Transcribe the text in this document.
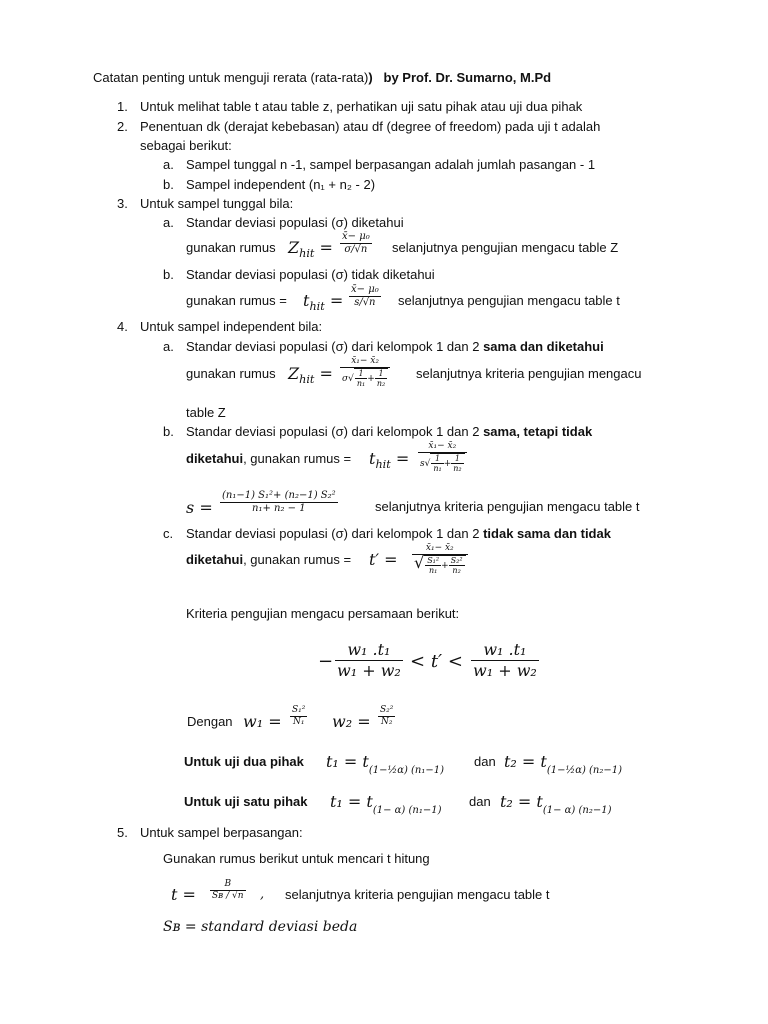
Catatan penting untuk menguji rerata (rata-rata))   by Prof. Dr. Sumarno, M.Pd
1. Untuk melihat table t atau table z, perhatikan uji satu pihak atau uji dua pihak
2. Penentuan dk (derajat kebebasan) atau df (degree of freedom) pada uji t adalah
sebagai berikut:
a. Sampel tunggal n -1, sampel berpasangan adalah jumlah pasangan - 1
b. Sampel independent (n₁ + n₂ - 2)
3. Untuk sampel tunggal bila:
a. Standar deviasi populasi (σ) diketahui
gunakan rumus $Z_{hit} = \frac{\text{x̄− μ₀}}{\sigma/√n}$ selanjutnya pengujian mengacu table Z
b. Standar deviasi populasi (σ) tidak diketahui
gunakan rumus = $t_{hit} = \frac{\text{x̄− μ₀}}{s/√n}$ selanjutnya pengujian mengacu table t
4. Untuk sampel independent bila:
a. Standar deviasi populasi (σ) dari kelompok 1 dan 2 sama dan diketahui
gunakan rumus $Z_{hit} = \frac{\text{x̄₁− x̄₂}}{\sigma√ \frac{1}{\text{n₁}} + \frac{1}{\text{n₂}}}$ selanjutnya kriteria pengujian mengacu
table Z
b. Standar deviasi populasi (σ) dari kelompok 1 dan 2 sama, tetapi tidak
diketahui, gunakan rumus = $t_{hit} = \frac{\text{x̄₁− x̄₂}}{s√ \frac{1}{\text{n₁}} + \frac{1}{\text{n₂}}}$
$s = \frac{\text{(n₁−1) S₁²+ (n₂−1) S₂²}}{\text{n₁+ n₂ − 1}}$	selanjutnya kriteria pengujian mengacu table t
c. Standar deviasi populasi (σ) dari kelompok 1 dan 2 tidak sama dan tidak
diketahui, gunakan rumus = $t' = \frac{\text{x̄₁− x̄₂}}{√ \frac{\text{S₁²}}{\text{n₁}} + \frac{\text{S₂²}}{\text{n₂}}}$
Kriteria pengujian mengacu persamaan berikut:
− $\frac{\text{w₁ .t₁}}{\text{w₁ + w₂}} < t' < \frac{\text{w₁ .t₁}}{\text{w₁ + w₂}}$
Dengan $w_1 = \frac{\text{S₁²}}{\text{N₁}} w_2 = \frac{\text{S₂²}}{\text{N₂}}$
Untuk uji dua pihak $t_1 = t_{(1-\frac{1}{2}\alpha) (n_1-1)}$
dan $t_2 = t_{(1-\frac{1}{2}\alpha) (n_2-1)}$
Untuk uji satu pihak $t_1 = t_{(1- \alpha) (n_1-1)}$
dan $t_2 = t_{(1- \alpha) (n_2-1)}$
5. Untuk sampel berpasangan:
Gunakan rumus berikut untuk mencari t hitung
$t = \frac{B}{\text{Sʙ / √n}}$ , selanjutnya kriteria pengujian mengacu table t
Sʙ = standard deviasi beda
